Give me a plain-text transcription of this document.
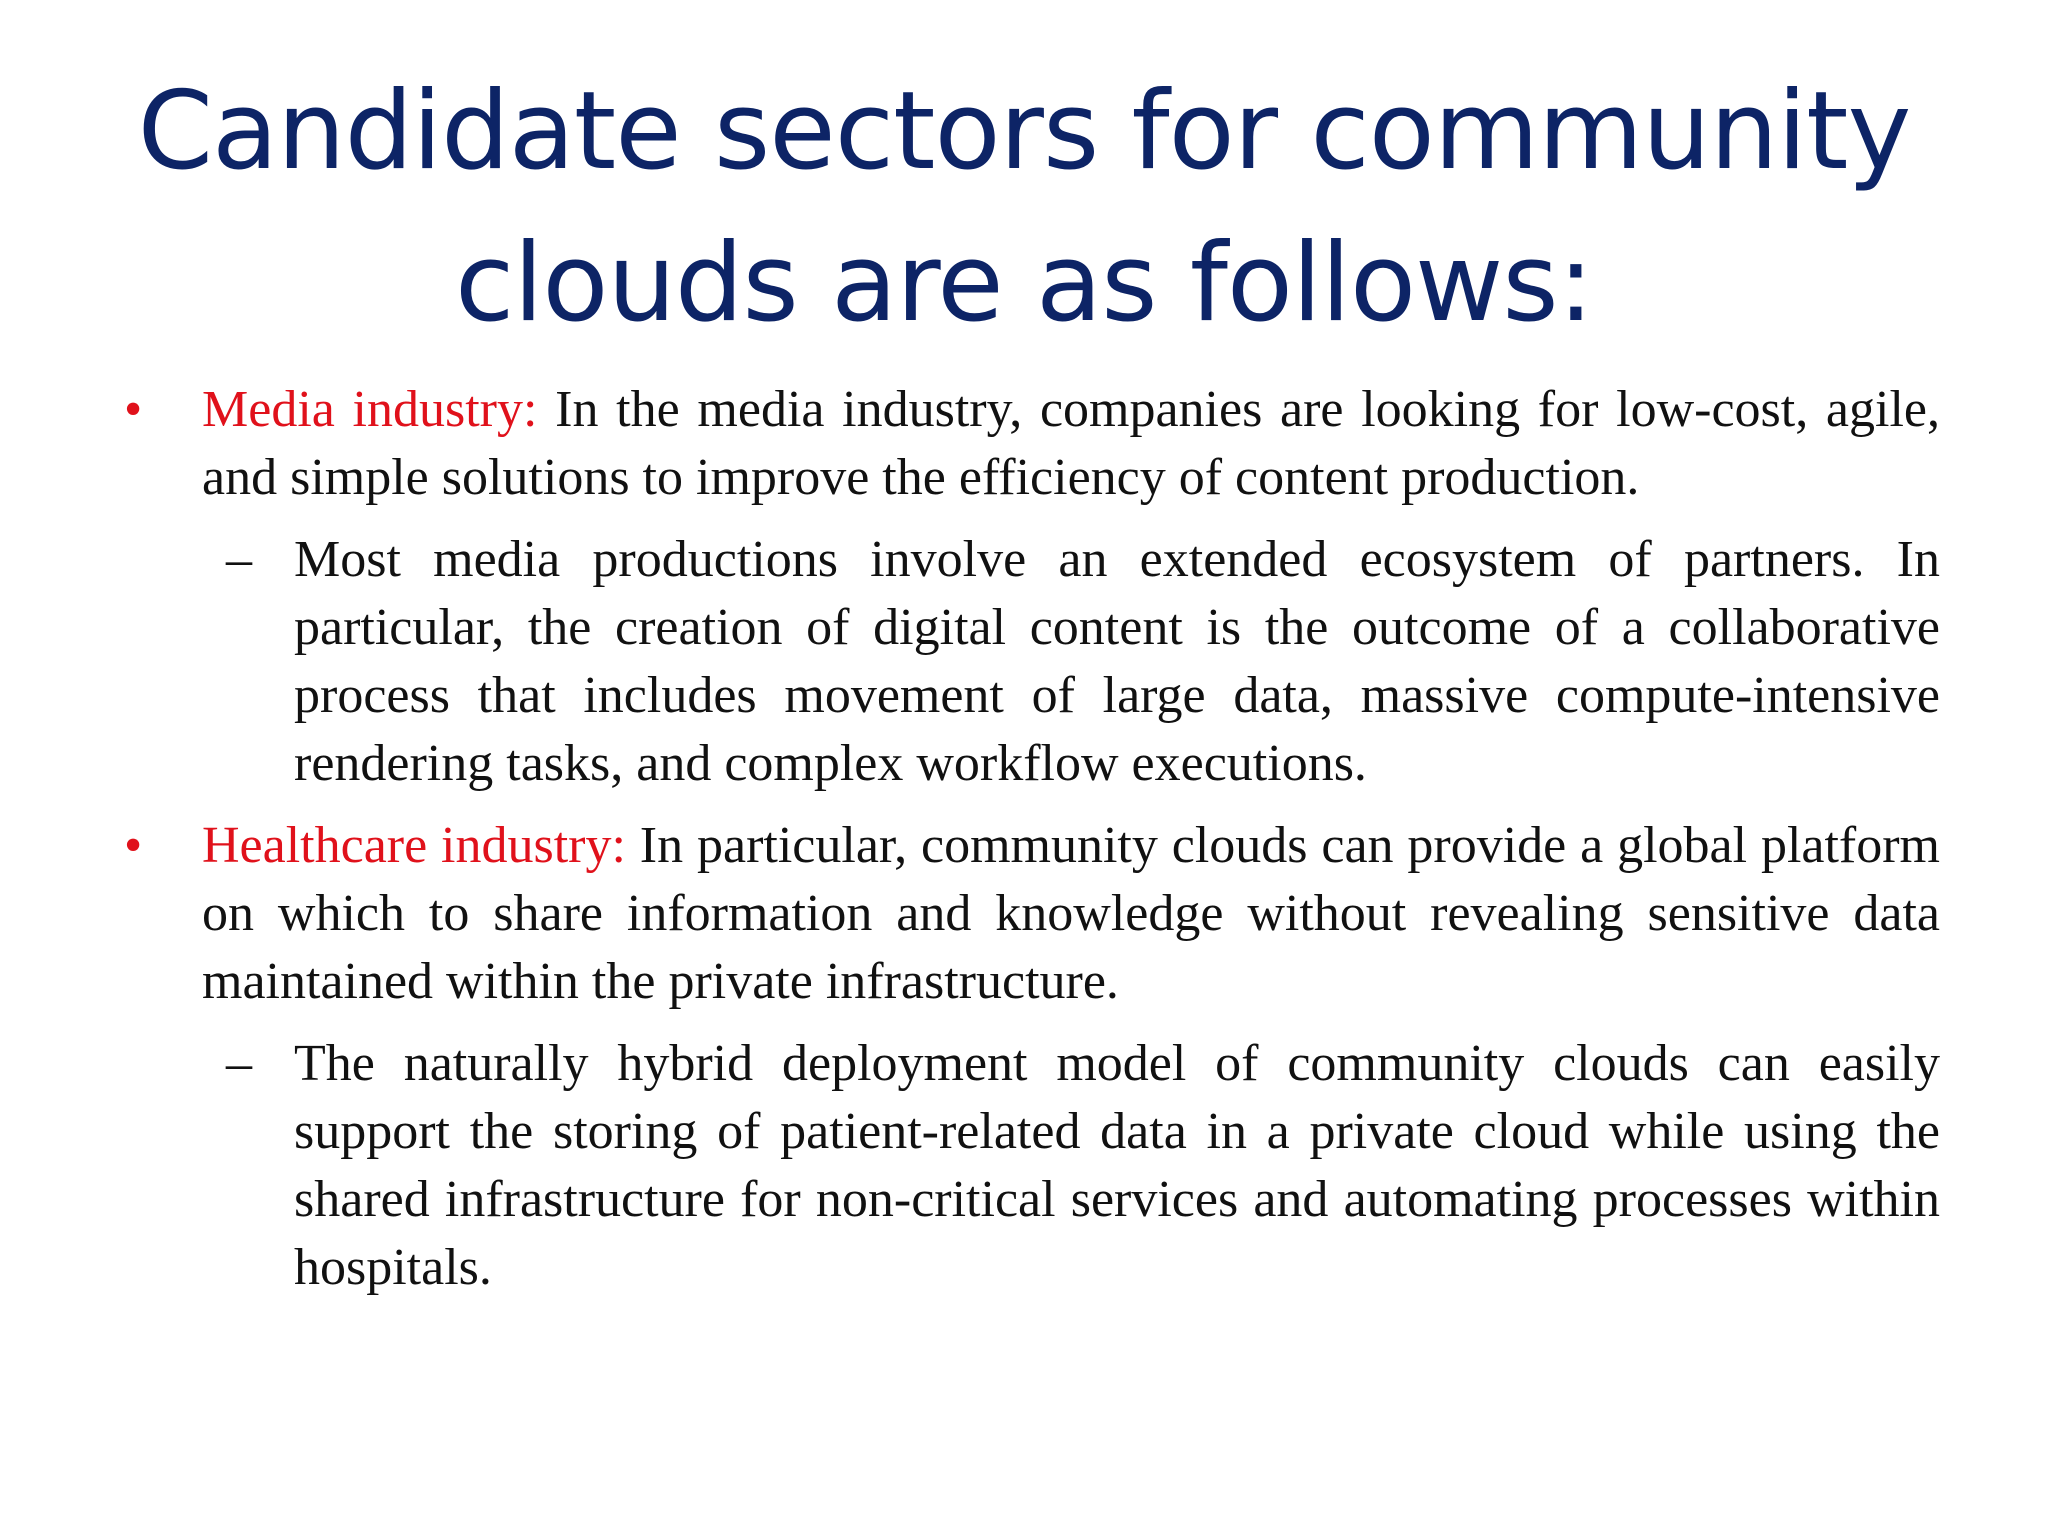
Candidate sectors for community
clouds are as follows:
• Media industry: In the media industry, companies are looking for low-cost, agile, and simple solutions to improve the efficiency of content production.
– Most media productions involve an extended ecosystem of partners. In particular, the creation of digital content is the outcome of a collaborative process that includes movement of large data, massive compute-intensive rendering tasks, and complex workflow executions.
• Healthcare industry: In particular, community clouds can provide a global platform on which to share information and knowledge without revealing sensitive data maintained within the private infrastructure.
– The naturally hybrid deployment model of community clouds can easily support the storing of patient-related data in a private cloud while using the shared infrastructure for non-critical services and automating processes within hospitals.
